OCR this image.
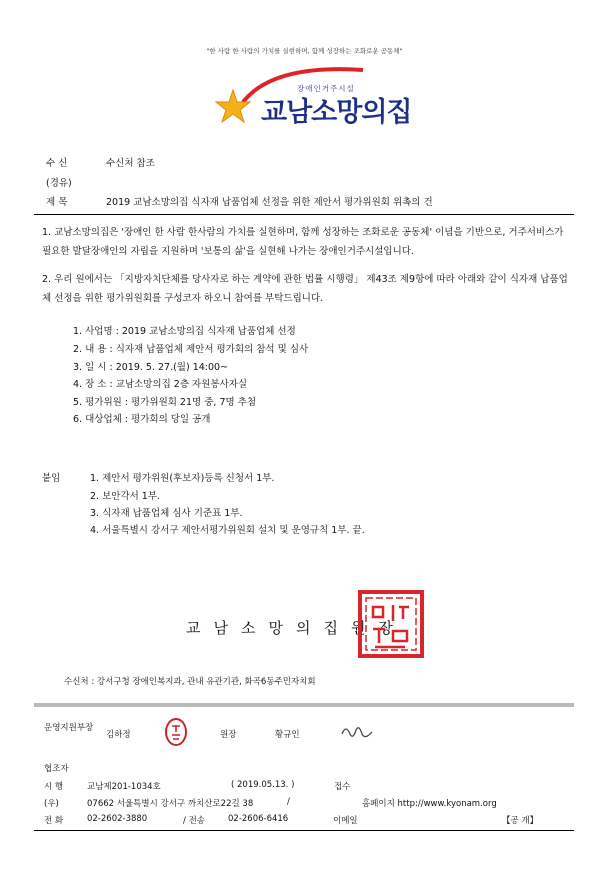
"한 사람 한 사람의 가치를 실현하며, 함께 성장하는 조화로운 공동체"
장애인거주시설
교남소망의집
수 신	수신처 참조
(경유)
제 목	2019 교남소망의집 식자재 납품업체 선정을 위한 제안서 평가위원회 위촉의 건
1. 교남소망의집은 '장애인 한 사람 한사람의 가치를 실현하며, 함께 성장하는 조화로운 공동체' 이념을 기반으로, 거주서비스가 필요한 발달장애인의 자립을 지원하며 '보통의 삶'을 실현해 나가는 장애인거주시설입니다.
2. 우리 원에서는 「지방자치단체를 당사자로 하는 계약에 관한 법률 시행령」 제43조 제9항에 따라 아래와 같이 식자재 납품업체 선정을 위한 평가위원회를 구성코자 하오니 참여를 부탁드립니다.
1. 사업명 : 2019 교남소망의집 식자재 납품업체 선정
2. 내 용 : 식자재 납품업체 제안서 평가회의 참석 및 심사
3. 일 시 : 2019. 5. 27.(월) 14:00~
4. 장 소 : 교남소망의집 2층 자원봉사자실
5. 평가위원 : 평가위원회 21명 중, 7명 추첨
6. 대상업체 : 평가회의 당일 공개
붙임	1. 제안서 평가위원(후보자)등록 신청서 1부.
2. 보안각서 1부.
3. 식자재 납품업체 심사 기준표 1부.
4. 서울특별시 강서구 제안서평가위원회 설치 및 운영규칙 1부. 끝.
교남소망의집원장
수신처 : 강서구청 장애인복지과, 관내 유관기관, 화곡6동주민자치회
운영지원부장
김하정	원장	황규인
협조자
시 행	교남제201-1034호	( 2019.05.13. )	접수
(우)	07662 서울특별시 강서구 까치산로22길 38	/	홈페이지 http://www.kyonam.org
전 화	02-2602-3880	/ 전송	02-2606-6416	이메일	【공 개】
